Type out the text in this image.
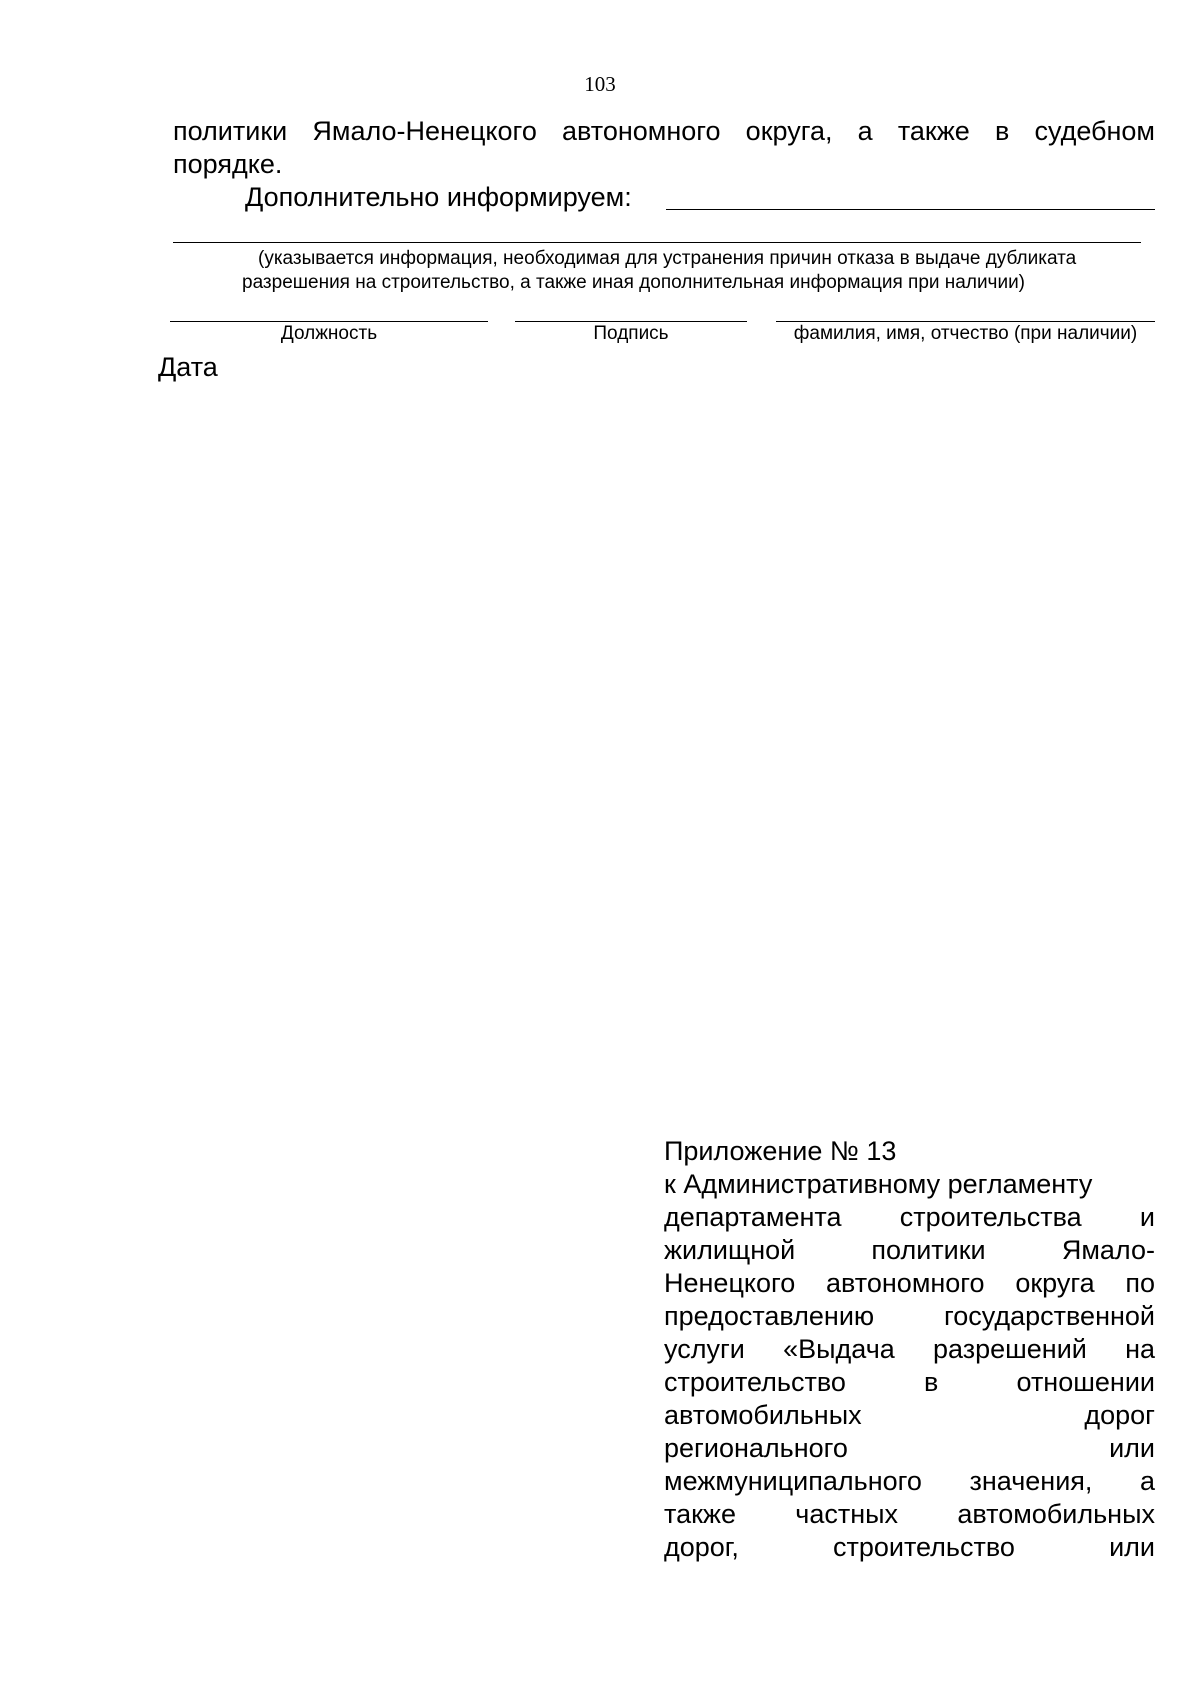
103
политики Ямало-Ненецкого автономного округа, а также в судебном
порядке.
Дополнительно информируем:
(указывается информация, необходимая для устранения причин отказа в выдаче дубликата
разрешения на строительство, а также иная дополнительная информация при наличии)
Должность	Подпись	фамилия, имя, отчество (при наличии)
Дата
Приложение № 13
к Административному регламенту
департамента строительства и
жилищной политики Ямало-
Ненецкого автономного округа по
предоставлению государственной
услуги «Выдача разрешений на
строительство в отношении
автомобильных дорог
регионального или
межмуниципального значения, а
также частных автомобильных
дорог, строительство или
